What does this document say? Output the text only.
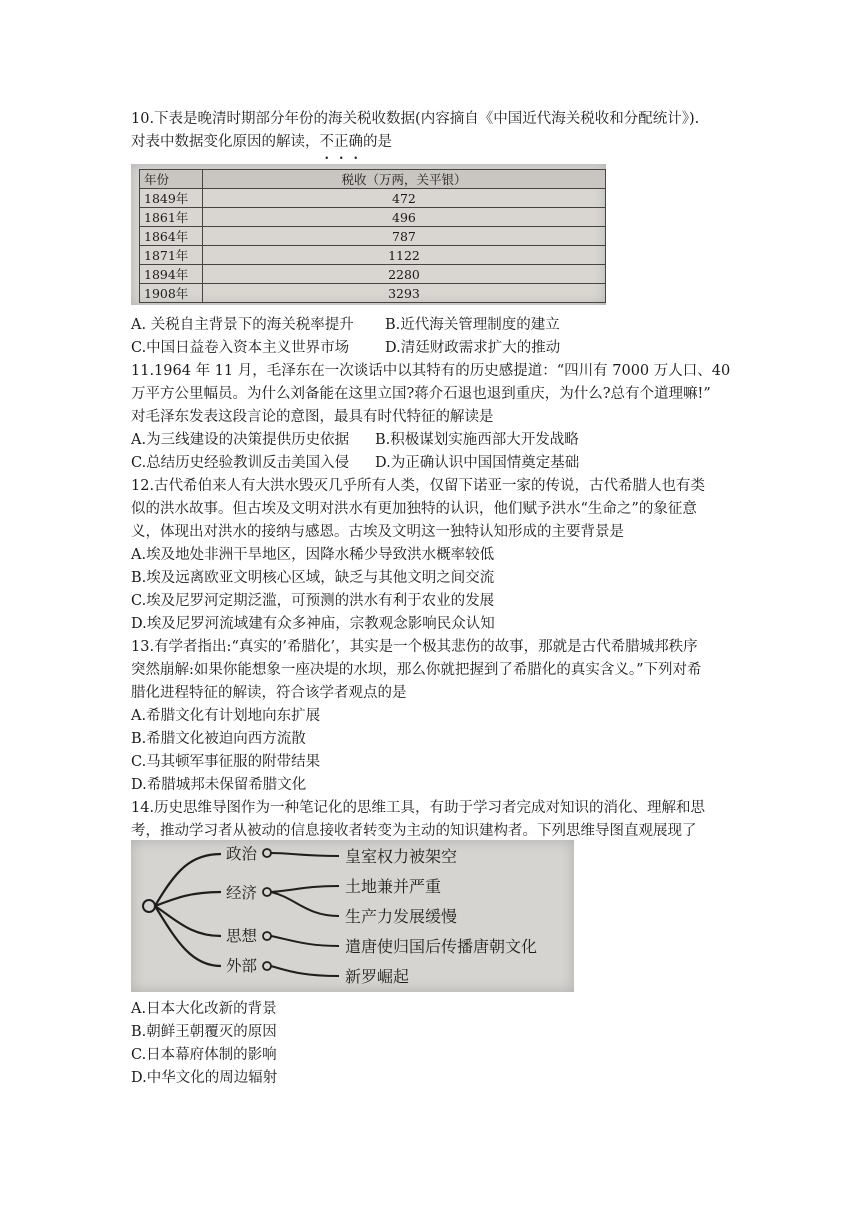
10.下表是晚清时期部分年份的海关税收数据(内容摘自《中国近代海关税收和分配统计》).

对表中数据变化原因的解读，不正确的是

年份	税收（万两，关平银）
1849年	472
1861年	496
1864年	787
1871年	1122
1894年	2280
1908年	3293

A. 关税自主背景下的海关税率提升 B.近代海关管理制度的建立

C.中国日益卷入资本主义世界市场 D.清廷财政需求扩大的推动

11.1964 年 11 月，毛泽东在一次谈话中以其特有的历史感提道：“四川有 7000 万人口、40

万平方公里幅员。为什么刘备能在这里立国?蒋介石退也退到重庆，为什么?总有个道理嘛!”

对毛泽东发表这段言论的意图，最具有时代特征的解读是

A.为三线建设的决策提供历史依据 B.积极谋划实施西部大开发战略

C.总结历史经验教训反击美国入侵 D.为正确认识中国国情奠定基础

12.古代希伯来人有大洪水毁灭几乎所有人类，仅留下诺亚一家的传说，古代希腊人也有类

似的洪水故事。但古埃及文明对洪水有更加独特的认识，他们赋予洪水“生命之”的象征意

义，体现出对洪水的接纳与感恩。古埃及文明这一独特认知形成的主要背景是

A.埃及地处非洲干旱地区，因降水稀少导致洪水概率较低

B.埃及远离欧亚文明核心区域，缺乏与其他文明之间交流

C.埃及尼罗河定期泛滥，可预测的洪水有利于农业的发展

D.埃及尼罗河流域建有众多神庙，宗教观念影响民众认知

13.有学者指出:“真实的’希腊化’，其实是一个极其悲伤的故事，那就是古代希腊城邦秩序

突然崩解:如果你能想象一座决堤的水坝，那么你就把握到了希腊化的真实含义。”下列对希

腊化进程特征的解读，符合该学者观点的是

A.希腊文化有计划地向东扩展

B.希腊文化被迫向西方流散

C.马其顿军事征服的附带结果

D.希腊城邦未保留希腊文化

14.历史思维导图作为一种笔记化的思维工具，有助于学习者完成对知识的消化、理解和思

考，推动学习者从被动的信息接收者转变为主动的知识建构者。下列思维导图直观展现了

政治
经济
思想
外部
皇室权力被架空
土地兼并严重
生产力发展缓慢
遣唐使归国后传播唐朝文化
新罗崛起

A.日本大化改新的背景

B.朝鲜王朝覆灭的原因

C.日本幕府体制的影响

D.中华文化的周边辐射
